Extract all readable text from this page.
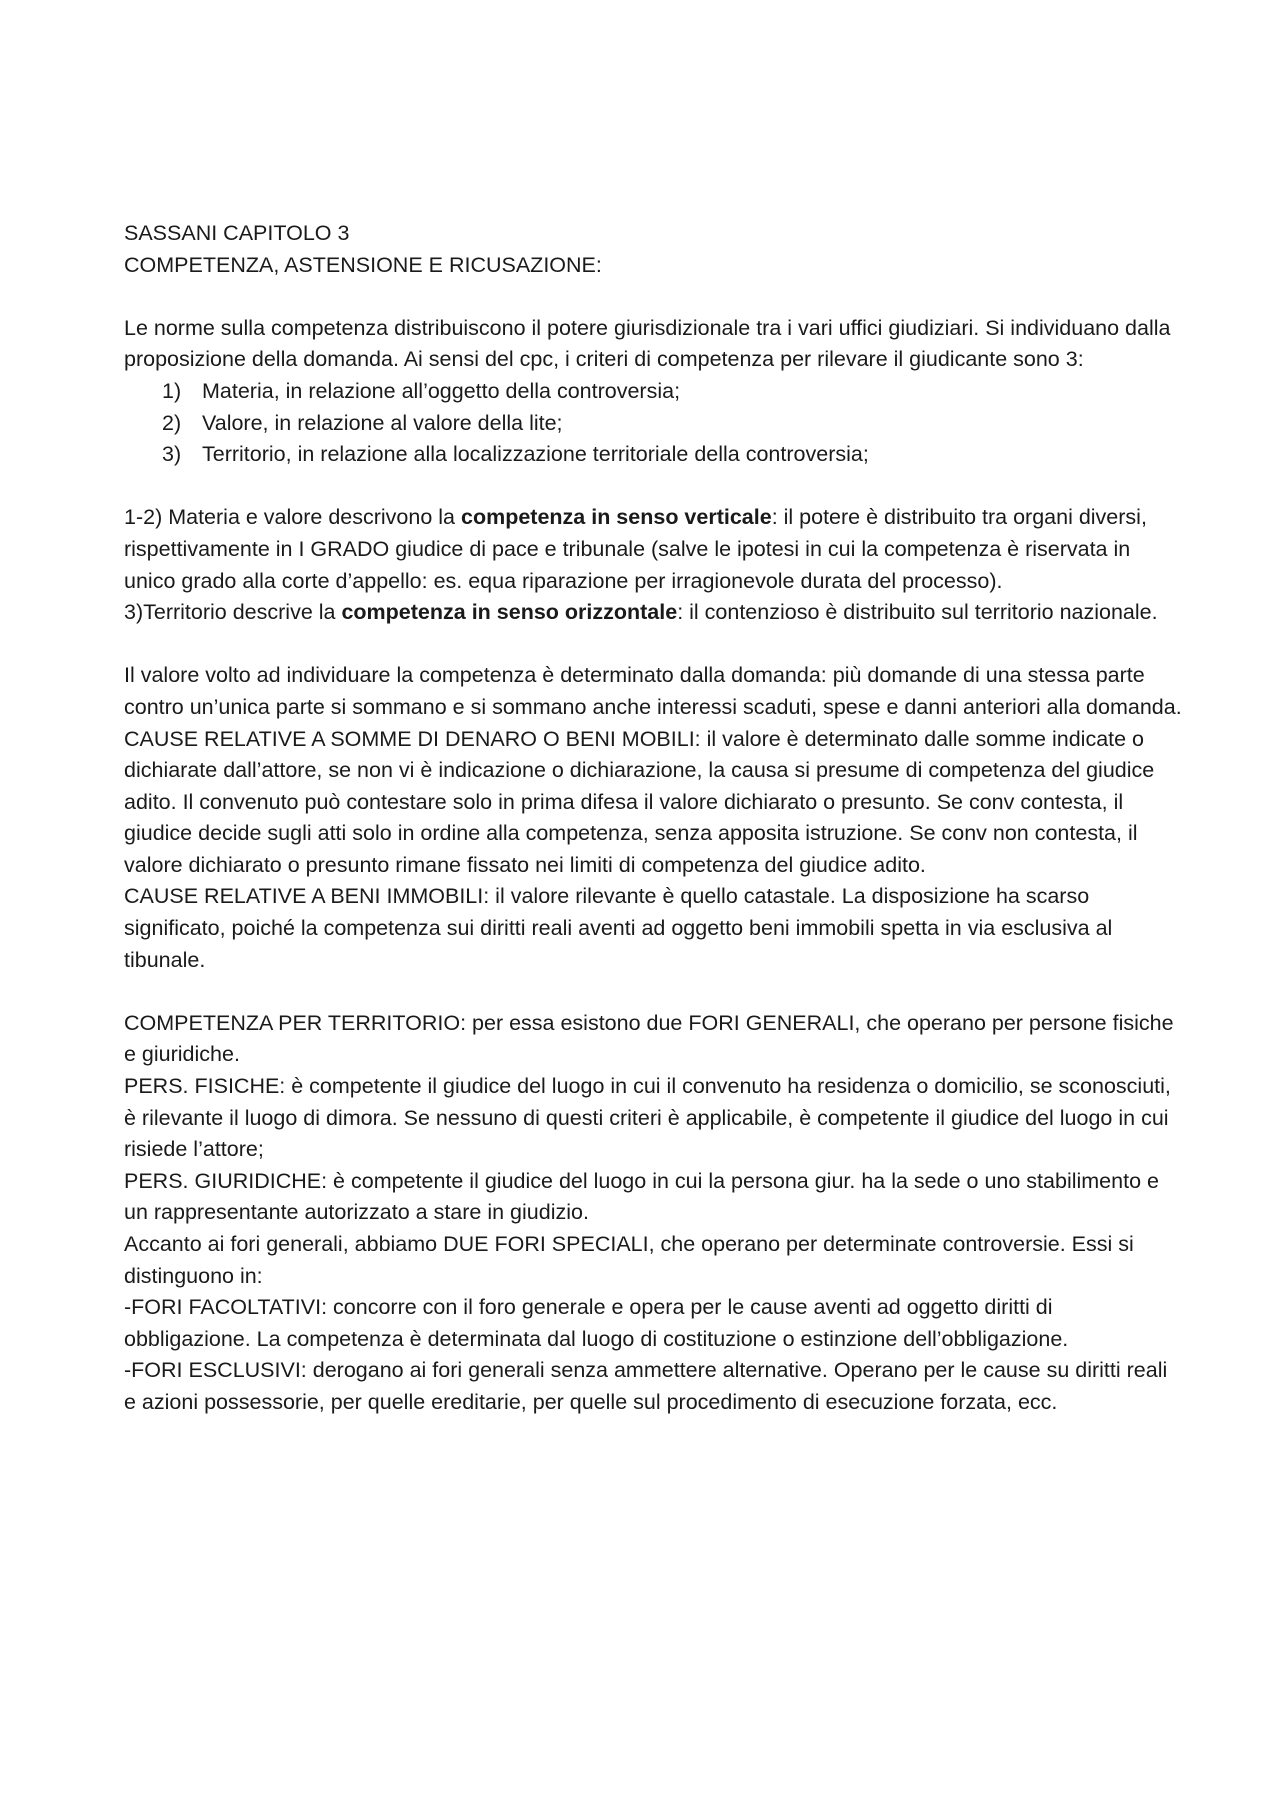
SASSANI CAPITOLO 3

COMPETENZA, ASTENSIONE E RICUSAZIONE:

Le norme sulla competenza distribuiscono il potere giurisdizionale tra i vari uffici giudiziari. Si individuano dalla proposizione della domanda. Ai sensi del cpc, i criteri di competenza per rilevare il giudicante sono 3:

1) Materia, in relazione all’oggetto della controversia;
2) Valore, in relazione al valore della lite;
3) Territorio, in relazione alla localizzazione territoriale della controversia;

1-2) Materia e valore descrivono la competenza in senso verticale: il potere è distribuito tra organi diversi, rispettivamente in I GRADO giudice di pace e tribunale (salve le ipotesi in cui la competenza è riservata in unico grado alla corte d’appello: es. equa riparazione per irragionevole durata del processo).

3)Territorio descrive la competenza in senso orizzontale: il contenzioso è distribuito sul territorio nazionale.

Il valore volto ad individuare la competenza è determinato dalla domanda: più domande di una stessa parte contro un’unica parte si sommano e si sommano anche interessi scaduti, spese e danni anteriori alla domanda.

CAUSE RELATIVE A SOMME DI DENARO O BENI MOBILI: il valore è determinato dalle somme indicate o dichiarate dall’attore, se non vi è indicazione o dichiarazione, la causa si presume di competenza del giudice adito. Il convenuto può contestare solo in prima difesa il valore dichiarato o presunto. Se conv contesta, il giudice decide sugli atti solo in ordine alla competenza, senza apposita istruzione. Se conv non contesta, il valore dichiarato o presunto rimane fissato nei limiti di competenza del giudice adito.

CAUSE RELATIVE A BENI IMMOBILI: il valore rilevante è quello catastale. La disposizione ha scarso significato, poiché la competenza sui diritti reali aventi ad oggetto beni immobili spetta in via esclusiva al tibunale.

COMPETENZA PER TERRITORIO: per essa esistono due FORI GENERALI, che operano per persone fisiche e giuridiche.

PERS. FISICHE: è competente il giudice del luogo in cui il convenuto ha residenza o domicilio, se sconosciuti, è rilevante il luogo di dimora. Se nessuno di questi criteri è applicabile, è competente il giudice del luogo in cui risiede l’attore;

PERS. GIURIDICHE: è competente il giudice del luogo in cui la persona giur. ha la sede o uno stabilimento e un rappresentante autorizzato a stare in giudizio.

Accanto ai fori generali, abbiamo DUE FORI SPECIALI, che operano per determinate controversie. Essi si distinguono in:

-FORI FACOLTATIVI: concorre con il foro generale e opera per le cause aventi ad oggetto diritti di obbligazione. La competenza è determinata dal luogo di costituzione o estinzione dell’obbligazione.

-FORI ESCLUSIVI: derogano ai fori generali senza ammettere alternative. Operano per le cause su diritti reali e azioni possessorie, per quelle ereditarie, per quelle sul procedimento di esecuzione forzata, ecc.
